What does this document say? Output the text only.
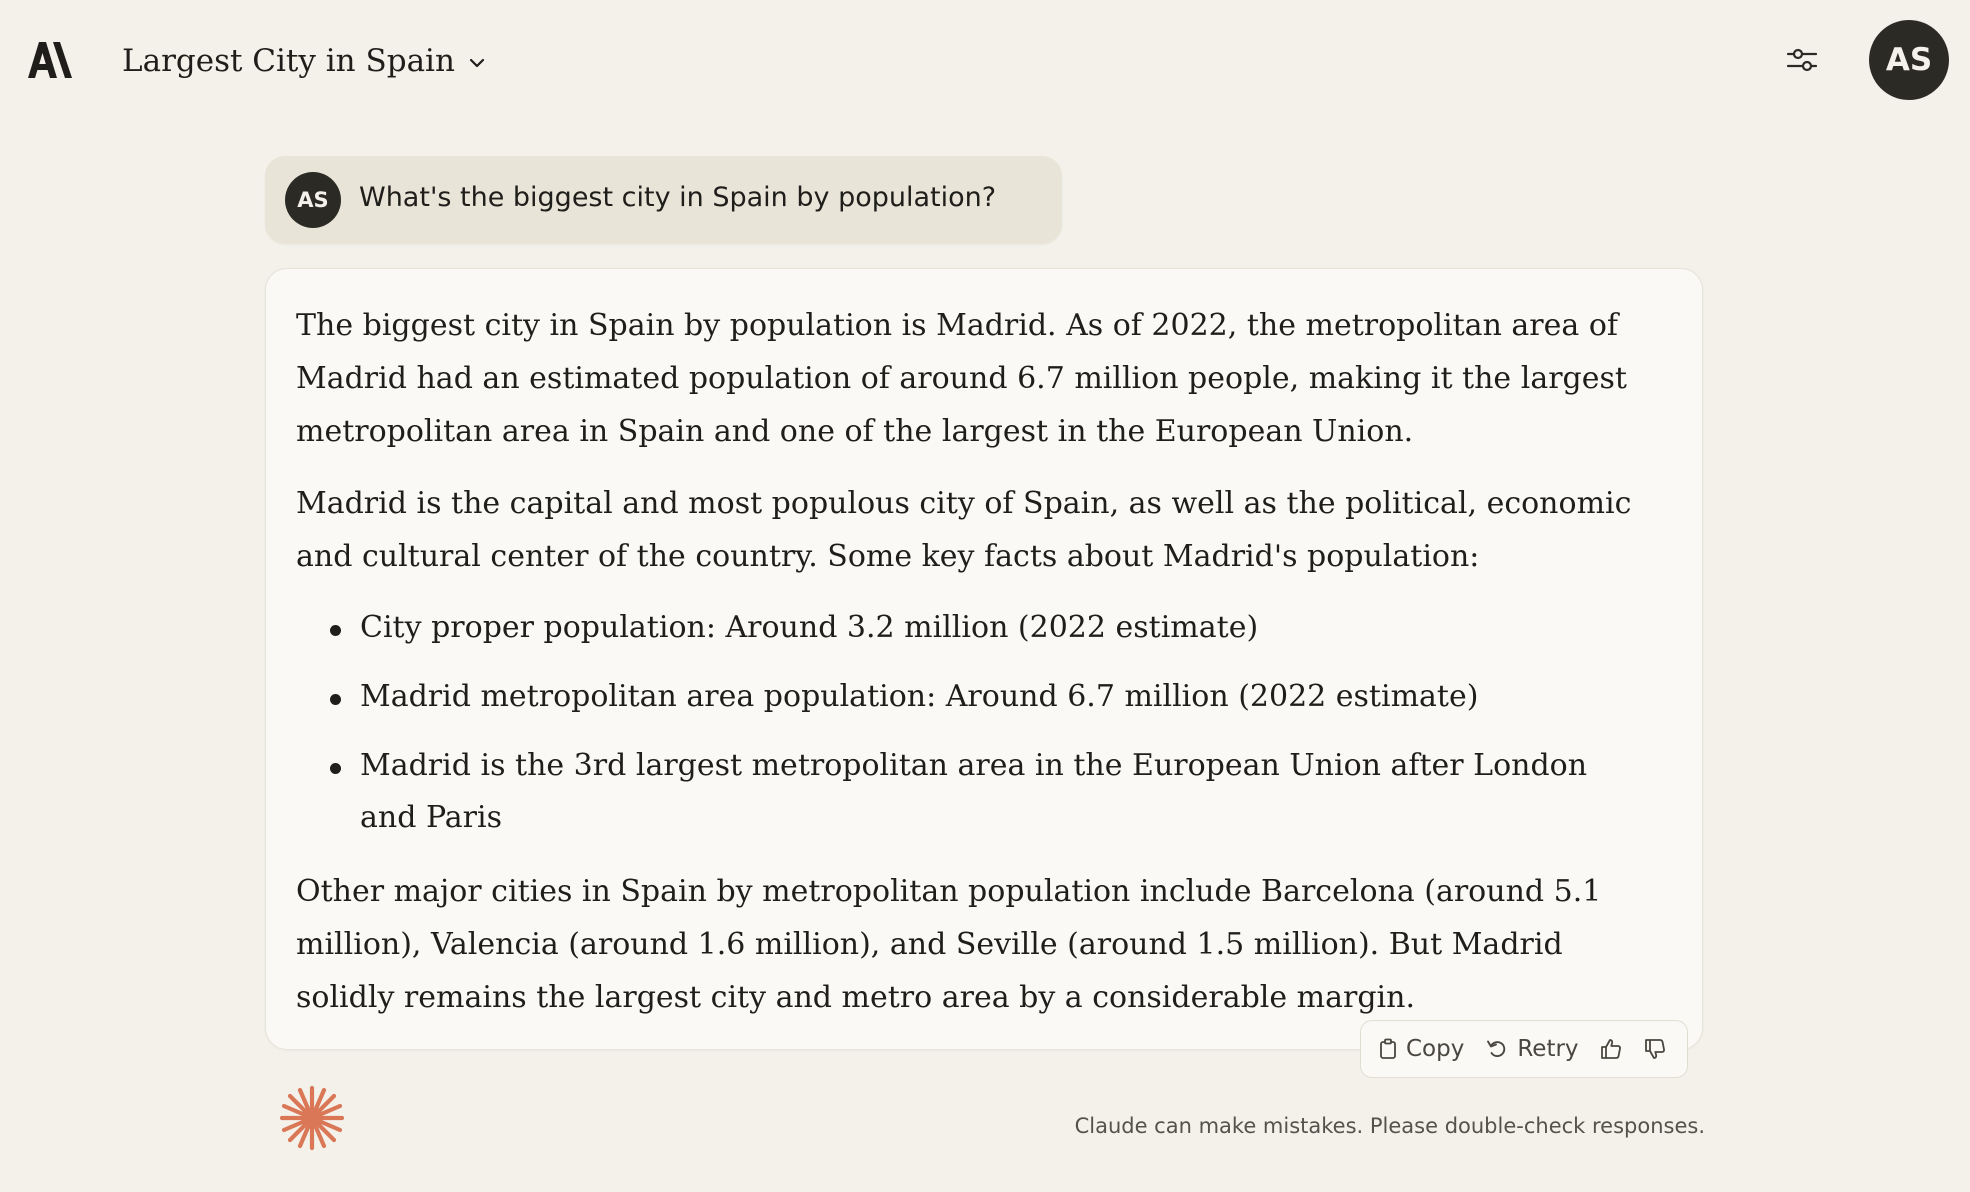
Largest City in Spain	AS
AS	What's the biggest city in Spain by population?

The biggest city in Spain by population is Madrid. As of 2022, the metropolitan area of Madrid had an estimated population of around 6.7 million people, making it the largest metropolitan area in Spain and one of the largest in the European Union.

Madrid is the capital and most populous city of Spain, as well as the political, economic and cultural center of the country. Some key facts about Madrid's population:

City proper population: Around 3.2 million (2022 estimate)
Madrid metropolitan area population: Around 6.7 million (2022 estimate)
Madrid is the 3rd largest metropolitan area in the European Union after London and Paris

Other major cities in Spain by metropolitan population include Barcelona (around 5.1 million), Valencia (around 1.6 million), and Seville (around 1.5 million). But Madrid solidly remains the largest city and metro area by a considerable margin.

Copy Retry
Claude can make mistakes. Please double-check responses.
